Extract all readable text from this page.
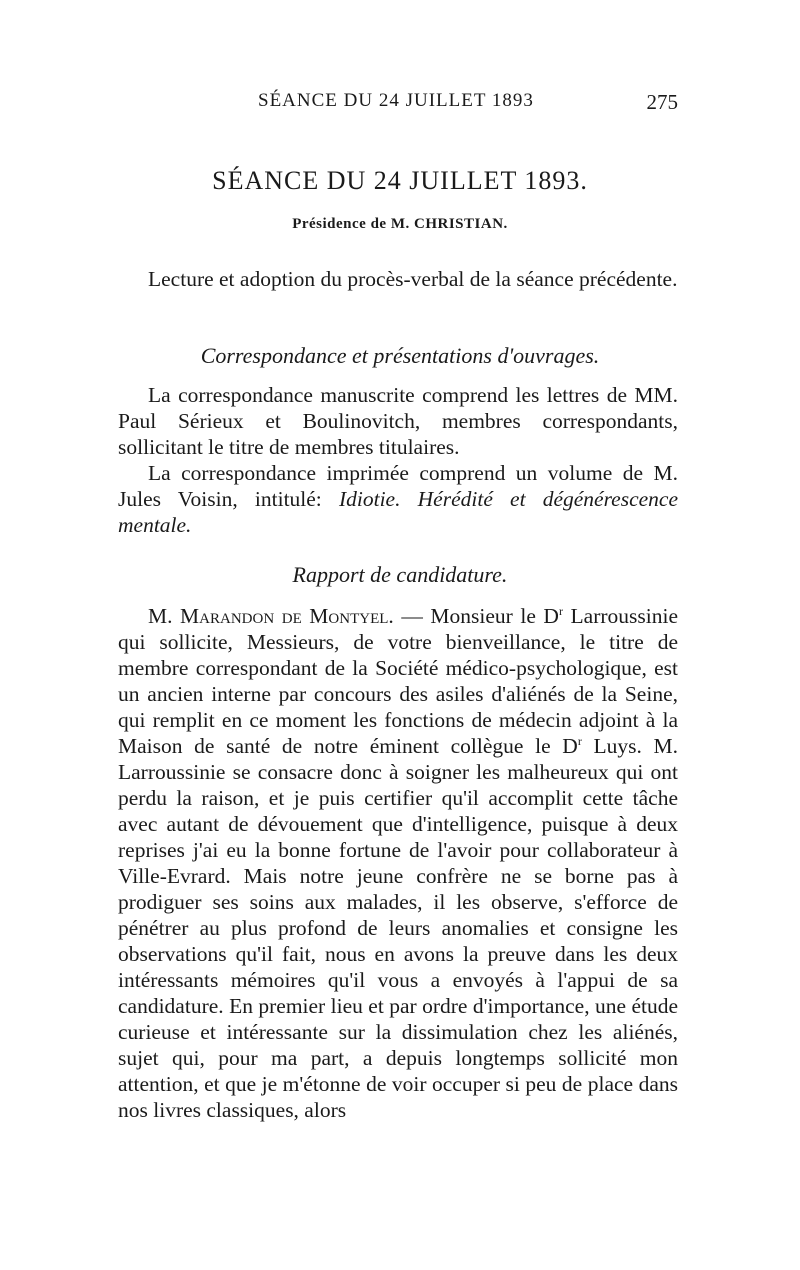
SÉANCE DU 24 JUILLET 1893	275
SÉANCE DU 24 JUILLET 1893.
Présidence de M. CHRISTIAN.

Lecture et adoption du procès-verbal de la séance précédente.

Correspondance et présentations d'ouvrages.

La correspondance manuscrite comprend les lettres de MM. Paul Sérieux et Boulinovitch, membres correspondants, sollicitant le titre de membres titulaires.

La correspondance imprimée comprend un volume de M. Jules Voisin, intitulé: Idiotie. Hérédité et dégénérescence mentale.

Rapport de candidature.

M. Marandon de Montyel. — Monsieur le $D^r$ Larroussinie qui sollicite, Messieurs, de votre bienveillance, le titre de membre correspondant de la Société médico-psychologique, est un ancien interne par concours des asiles d'aliénés de la Seine, qui remplit en ce moment les fonctions de médecin adjoint à la Maison de santé de notre éminent collègue le $D^r$ Luys. M. Larroussinie se consacre donc à soigner les malheureux qui ont perdu la raison, et je puis certifier qu'il accomplit cette tâche avec autant de dévouement que d'intelligence, puisque à deux reprises j'ai eu la bonne fortune de l'avoir pour collaborateur à Ville-Evrard. Mais notre jeune confrère ne se borne pas à prodiguer ses soins aux malades, il les observe, s'efforce de pénétrer au plus profond de leurs anomalies et consigne les observations qu'il fait, nous en avons la preuve dans les deux intéressants mémoires qu'il vous a envoyés à l'appui de sa candidature. En premier lieu et par ordre d'importance, une étude curieuse et intéressante sur la dissimulation chez les aliénés, sujet qui, pour ma part, a depuis longtemps sollicité mon attention, et que je m'étonne de voir occuper si peu de place dans nos livres classiques, alors
